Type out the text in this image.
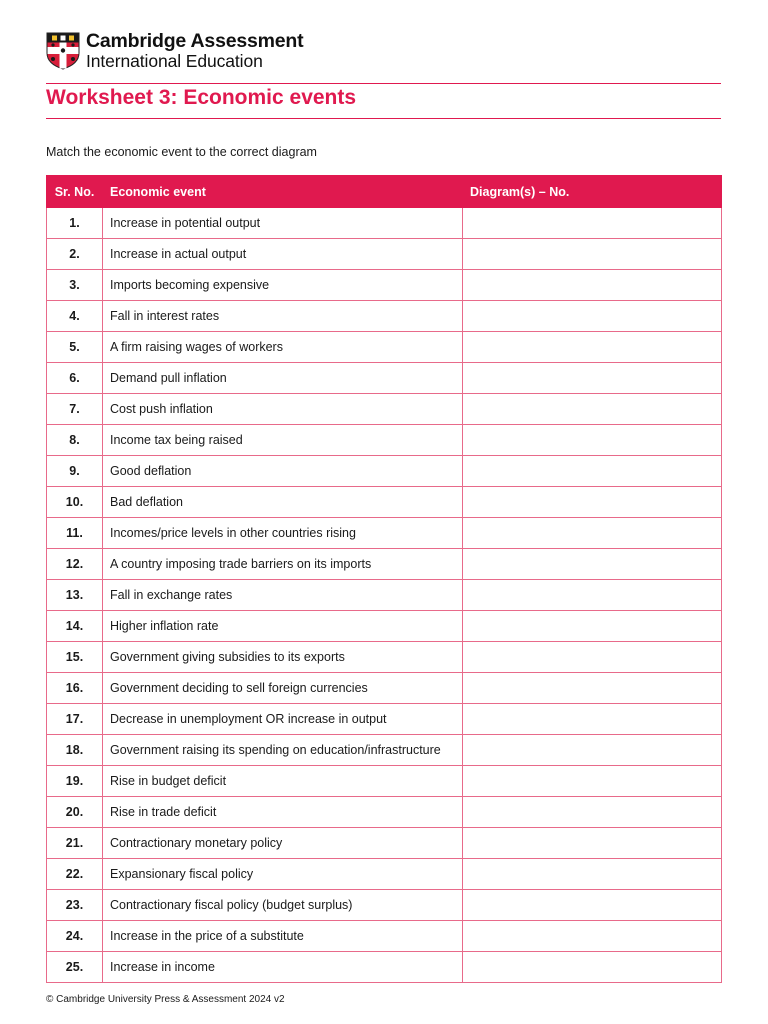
Cambridge Assessment
International Education
Worksheet 3: Economic events

Match the economic event to the correct diagram

Sr. No.	Economic event	Diagram(s) – No.
1.	Increase in potential output	
2.	Increase in actual output	
3.	Imports becoming expensive	
4.	Fall in interest rates	
5.	A firm raising wages of workers	
6.	Demand pull inflation	
7.	Cost push inflation	
8.	Income tax being raised	
9.	Good deflation	
10.	Bad deflation	
11.	Incomes/price levels in other countries rising	
12.	A country imposing trade barriers on its imports	
13.	Fall in exchange rates	
14.	Higher inflation rate	
15.	Government giving subsidies to its exports	
16.	Government deciding to sell foreign currencies	
17.	Decrease in unemployment OR increase in output	
18.	Government raising its spending on education/infrastructure	
19.	Rise in budget deficit	
20.	Rise in trade deficit	
21.	Contractionary monetary policy	
22.	Expansionary fiscal policy	
23.	Contractionary fiscal policy (budget surplus)	
24.	Increase in the price of a substitute	
25.	Increase in income	
© Cambridge University Press & Assessment 2024 v2
